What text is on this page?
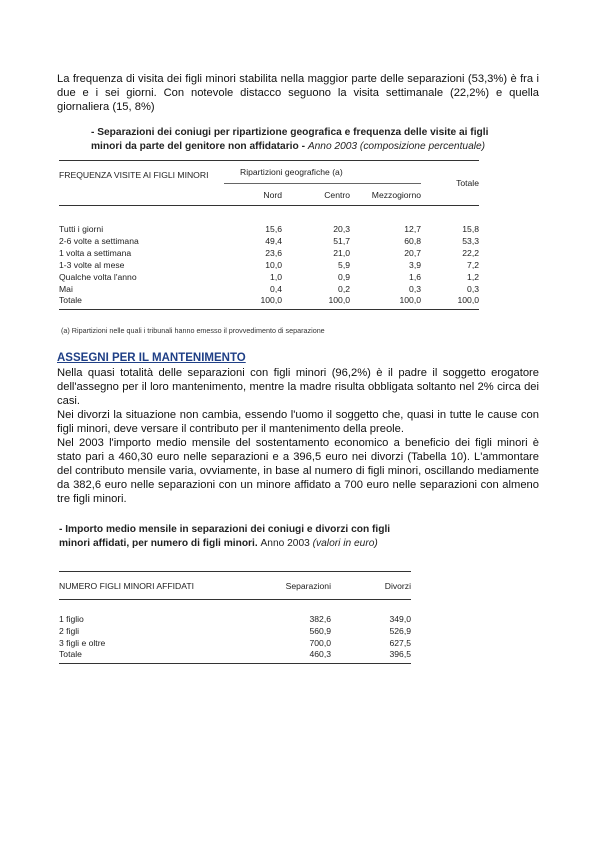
La frequenza di visita dei figli minori stabilita nella maggior parte delle separazioni (53,3%) è fra i due e i sei giorni. Con notevole distacco seguono la visita settimanale (22,2%) e quella giornaliera (15, 8%)

- Separazioni dei coniugi per ripartizione geografica e frequenza delle visite ai figli minori da parte del genitore non affidatario - Anno 2003 (composizione percentuale)
FREQUENZA VISITE AI FIGLI MINORI	Ripartizioni geografiche (a)			Totale
	Nord	Centro	Mezzogiorno	

Tutti i giorni	15,6	20,3	12,7	15,8
2-6 volte a settimana	49,4	51,7	60,8	53,3
1 volta a settimana	23,6	21,0	20,7	22,2
1-3 volte al mese	10,0	5,9	3,9	7,2
Qualche volta l'anno	1,0	0,9	1,6	1,2
Mai	0,4	0,2	0,3	0,3
Totale	100,0	100,0	100,0	100,0

(a) Ripartizioni nelle quali i tribunali hanno emesso il provvedimento di separazione

ASSEGNI PER IL MANTENIMENTO

Nella quasi totalità delle separazioni con figli minori (96,2%) è il padre il soggetto erogatore dell'assegno per il loro mantenimento, mentre la madre risulta obbligata soltanto nel 2% circa dei casi.

Nei divorzi la situazione non cambia, essendo l'uomo il soggetto che, quasi in tutte le cause con figli minori, deve versare il contributo per il mantenimento della preole.

Nel 2003 l'importo medio mensile del sostentamento economico a beneficio dei figli minori è stato pari a 460,30 euro nelle separazioni e a 396,5 euro nei divorzi (Tabella 10). L'ammontare del contributo mensile varia, ovviamente, in base al numero di figli minori, oscillando mediamente da 382,6 euro nelle separazioni con un minore affidato a 700 euro nelle separazioni con almeno tre figli minori.

- Importo medio mensile in separazioni dei coniugi e divorzi con figli minori affidati, per numero di figli minori. Anno 2003 (valori in euro)
NUMERO FIGLI MINORI AFFIDATI	Separazioni	Divorzi

1 figlio	382,6	349,0
2 figli	560,9	526,9
3 figli e oltre	700,0	627,5
Totale	460,3	396,5
